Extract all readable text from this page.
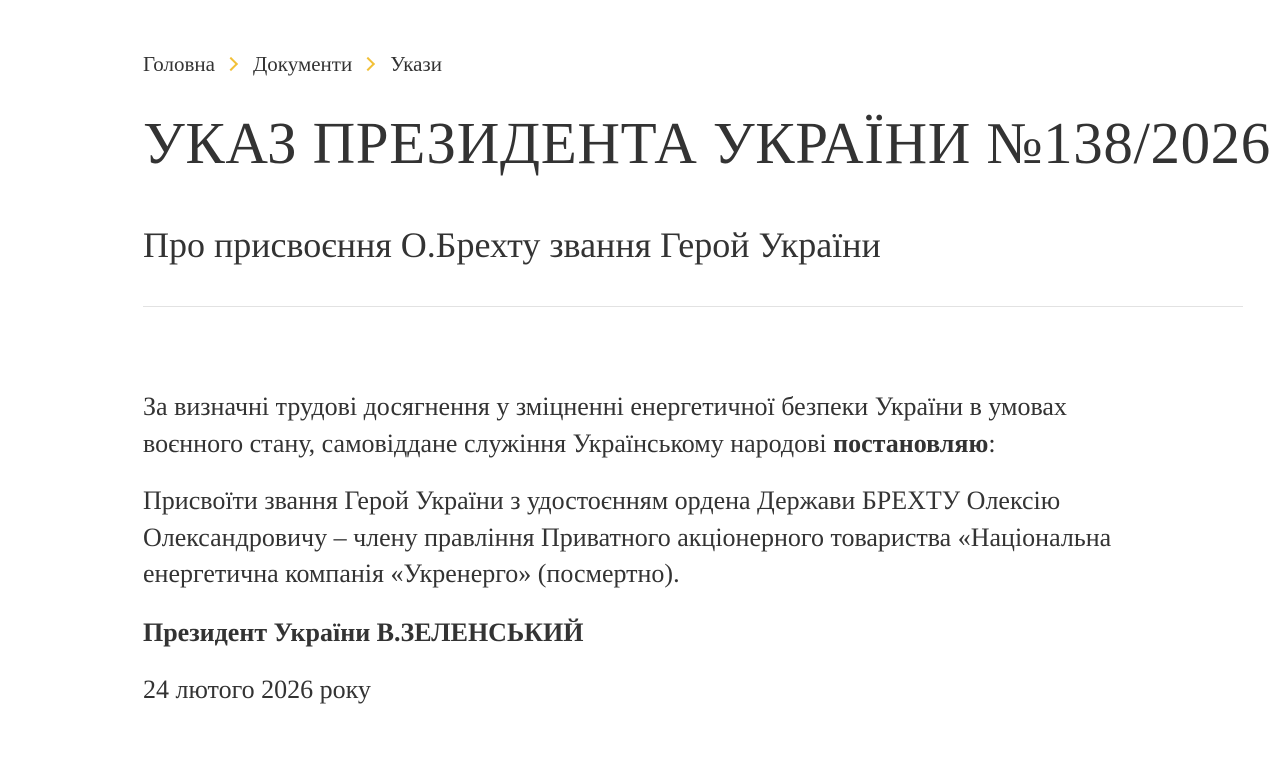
Головна Документи Укази
УКАЗ ПРЕЗИДЕНТА УКРАЇНИ №138/2026
Про присвоєння О.Брехту звання Герой України

За визначні трудові досягнення у зміцненні енергетичної безпеки України в умовах
воєнного стану, самовіддане служіння Українському народові постановляю:

Присвоїти звання Герой України з удостоєнням ордена Держави БРЕХТУ Олексію
Олександровичу – члену правління Приватного акціонерного товариства «Національна
енергетична компанія «Укренерго» (посмертно).

Президент України В.ЗЕЛЕНСЬКИЙ

24 лютого 2026 року
